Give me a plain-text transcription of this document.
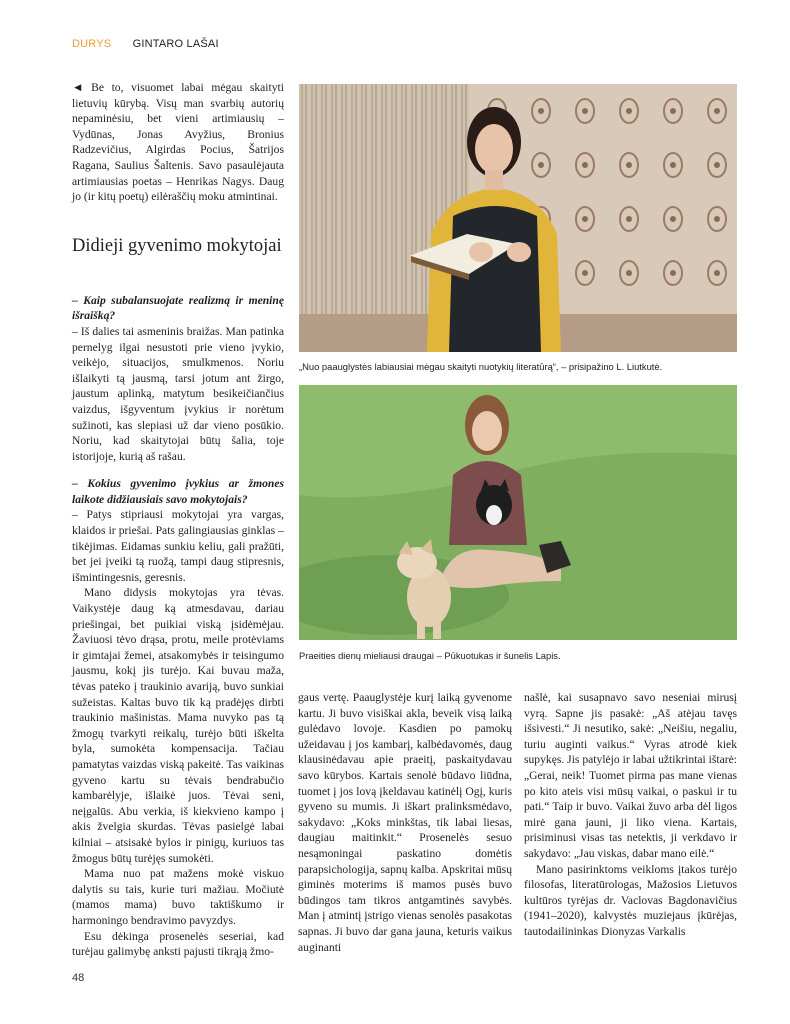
DURYS GINTARO LAŠAI

◄ Be to, visuomet labai mėgau skaityti lietuvių kūrybą. Visų man svarbių autorių nepaminėsiu, bet vieni artimiausių – Vydūnas, Jonas Avyžius, Bronius Radzevičius, Algirdas Pocius, Šatrijos Ragana, Saulius Šaltenis. Savo pasaulėjauta artimiausias poetas – Henrikas Nagys. Daug jo (ir kitų poetų) eilėraščių moku atmintinai.

Didieji gyvenimo mokytojai

– Kaip subalansuojate realizmą ir meninę išraišką?

– Iš dalies tai asmeninis braižas. Man patinka pernelyg ilgai nesustoti prie vieno įvykio, veikėjo, situacijos, smulkmenos. Noriu išlaikyti tą jausmą, tarsi jotum ant žirgo, jaustum aplinką, matytum besikeičiančius vaizdus, išgyventum įvykius ir norėtum sužinoti, kas slepiasi už dar vieno posūkio. Noriu, kad skaitytojai būtų šalia, toje istorijoje, kurią aš rašau.

– Kokius gyvenimo įvykius ar žmones laikote didžiausiais savo mokytojais?

– Patys stipriausi mokytojai yra vargas, klaidos ir priešai. Pats galingiausias ginklas – tikėjimas. Eidamas sunkiu keliu, gali pražūti, bet jei įveiki tą ruožą, tampi daug stipresnis, išmintingesnis, geresnis.

Mano didysis mokytojas yra tėvas. Vaikystėje daug ką atmesdavau, dariau priešingai, bet puikiai viską įsidėmėjau. Žaviuosi tėvo drąsa, protu, meile protėviams ir gimtajai žemei, atsakomybės ir teisingumo jausmu, kokį jis turėjo. Kai buvau maža, tėvas pateko į traukinio avariją, buvo sunkiai sužeistas. Kaltas buvo tik ką pradėjęs dirbti traukinio mašinistas. Mama nuvyko pas tą žmogų tvarkyti reikalų, turėjo būti iškelta byla, sumokėta kompensacija. Tačiau pamatytas vaizdas viską pakeitė. Tas vaikinas gyveno kartu su tėvais bendrabučio kambarėlyje, išlaikė juos. Tėvai seni, neįgalūs. Abu verkia, iš kiekvieno kampo į akis žvelgia skurdas. Tėvas pasielgė labai kilniai – atsisakė bylos ir pinigų, kuriuos tas žmogus būtų turėjęs sumokėti.

Mama nuo pat mažens mokė viskuo dalytis su tais, kurie turi mažiau. Močiutė (mamos mama) buvo taktiškumo ir harmoningo bendravimo pavyzdys.

Esu dėkinga prosenelės seseriai, kad turėjau galimybę anksti pajusti tikrąją žmo-

„Nuo paauglystės labiausiai mėgau skaityti nuotykių literatūrą“, – prisipažino L. Liutkutė.
Praeities dienų mieliausi draugai – Pūkuotukas ir šunelis Lapis.

gaus vertę. Paauglystėje kurį laiką gyvenome kartu. Ji buvo visiškai akla, beveik visą laiką gulėdavo lovoje. Kasdien po pamokų užeidavau į jos kambarį, kalbėdavomės, daug klausinėdavau apie praeitį, paskaitydavau savo kūrybos. Kartais senolė būdavo liūdna, tuomet į jos lovą įkeldavau katinėlį Ogį, kuris gyveno su mumis. Ji iškart pralinksmėdavo, sakydavo: „Koks minkštas, tik labai liesas, daugiau maitinkit.“ Prosenelės sesuo nesąmoningai paskatino domėtis parapsichologija, sapnų kalba. Apskritai mūsų giminės moterims iš mamos pusės buvo būdingos tam tikros antgamtinės savybės. Man į atmintį įstrigo vienas senolės pasakotas sapnas. Ji buvo dar gana jauna, keturis vaikus auginanti

našlė, kai susapnavo savo neseniai mirusį vyrą. Sapne jis pasakė: „Aš atėjau tavęs išsivesti.“ Ji nesutiko, sakė: „Neišiu, negaliu, turiu auginti vaikus.“ Vyras atrodė kiek supykęs. Jis patylėjo ir labai užtikrintai ištarė: „Gerai, neik! Tuomet pirma pas mane vienas po kito ateis visi mūsų vaikai, o paskui ir tu pati.“ Taip ir buvo. Vaikai žuvo arba dėl ligos mirė gana jauni, ji liko viena. Kartais, prisiminusi visas tas netektis, ji verkdavo ir sakydavo: „Jau viskas, dabar mano eilė.“

Mano pasirinktoms veikloms įtakos turėjo filosofas, literatūrologas, Mažosios Lietuvos kultūros tyrėjas dr. Vaclovas Bagdonavičius (1941–2020), kalvystės muziejaus įkūrėjas, tautodailininkas Dionyzas Varkalis

48
